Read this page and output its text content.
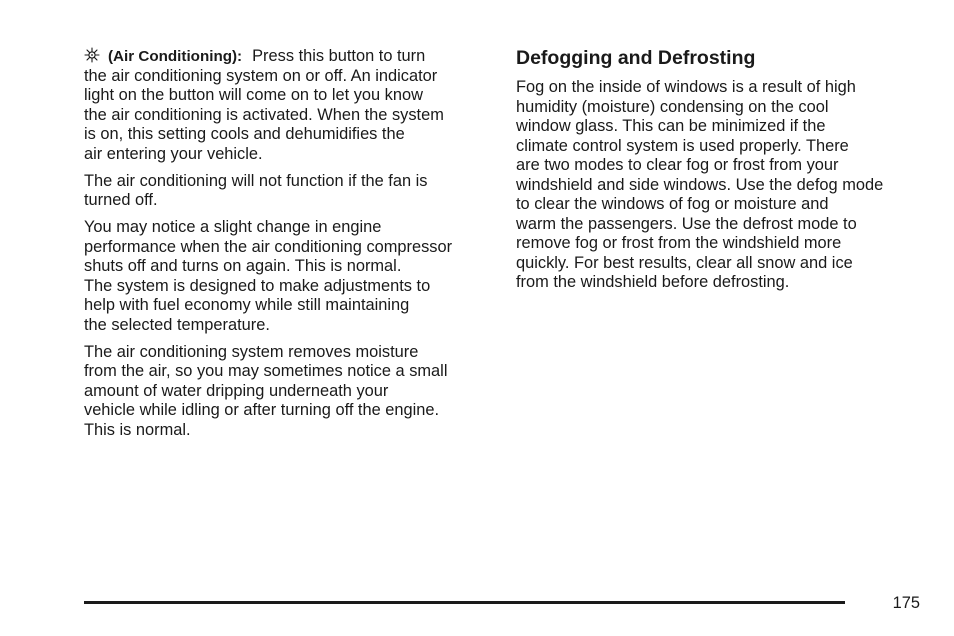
(Air Conditioning): Press this button to turn
the air conditioning system on or off. An indicator
light on the button will come on to let you know
the air conditioning is activated. When the system
is on, this setting cools and dehumidifies the
air entering your vehicle.
The air conditioning will not function if the fan is
turned off.
You may notice a slight change in engine
performance when the air conditioning compressor
shuts off and turns on again. This is normal.
The system is designed to make adjustments to
help with fuel economy while still maintaining
the selected temperature.
The air conditioning system removes moisture
from the air, so you may sometimes notice a small
amount of water dripping underneath your
vehicle while idling or after turning off the engine.
This is normal.
Defogging and Defrosting
Fog on the inside of windows is a result of high
humidity (moisture) condensing on the cool
window glass. This can be minimized if the
climate control system is used properly. There
are two modes to clear fog or frost from your
windshield and side windows. Use the defog mode
to clear the windows of fog or moisture and
warm the passengers. Use the defrost mode to
remove fog or frost from the windshield more
quickly. For best results, clear all snow and ice
from the windshield before defrosting.
175
